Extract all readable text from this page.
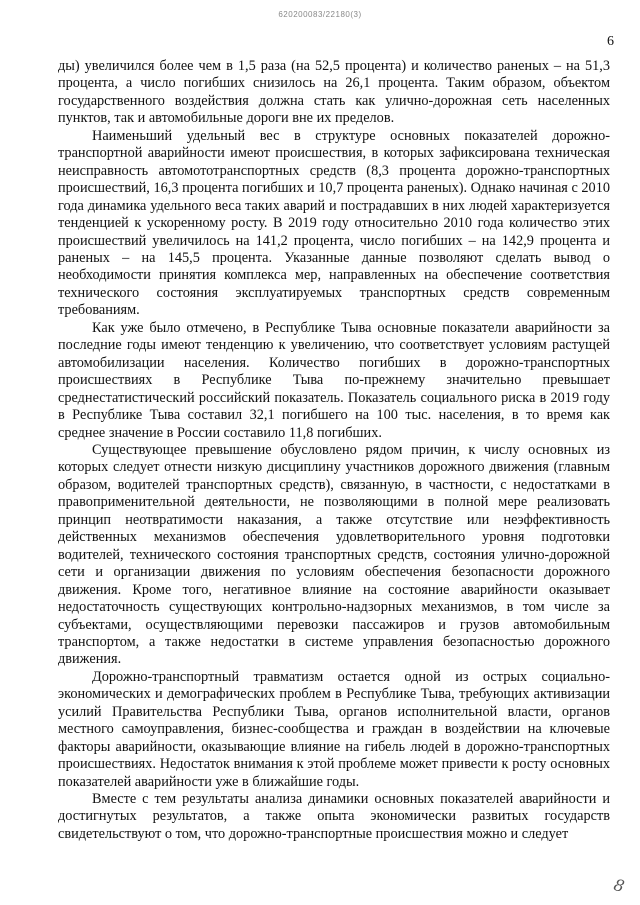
620200083/22180(3)
6

ды) увеличился более чем в 1,5 раза (на 52,5 процента) и количество раненых – на 51,3 процента, а число погибших снизилось на 26,1 процента. Таким образом, объектом государственного воздействия должна стать как улично-дорожная сеть населенных пунктов, так и автомобильные дороги вне их пределов.

Наименьший удельный вес в структуре основных показателей дорожно-транспортной аварийности имеют происшествия, в которых зафиксирована техническая неисправность автомототранспортных средств (8,3 процента дорожно-транспортных происшествий, 16,3 процента погибших и 10,7 процента раненых). Однако начиная с 2010 года динамика удельного веса таких аварий и пострадавших в них людей характеризуется тенденцией к ускоренному росту. В 2019 году относительно 2010 года количество этих происшествий увеличилось на 141,2 процента, число погибших – на 142,9 процента и раненых – на 145,5 процента. Указанные данные позволяют сделать вывод о необходимости принятия комплекса мер, направленных на обеспечение соответствия технического состояния эксплуатируемых транспортных средств современным требованиям.

Как уже было отмечено, в Республике Тыва основные показатели аварийности за последние годы имеют тенденцию к увеличению, что соответствует условиям растущей автомобилизации населения. Количество погибших в дорожно-транспортных происшествиях в Республике Тыва по-прежнему значительно превышает среднестатистический российский показатель. Показатель социального риска в 2019 году в Республике Тыва составил 32,1 погибшего на 100 тыс. населения, в то время как среднее значение в России составило 11,8 погибших.

Существующее превышение обусловлено рядом причин, к числу основных из которых следует отнести низкую дисциплину участников дорожного движения (главным образом, водителей транспортных средств), связанную, в частности, с недостатками в правоприменительной деятельности, не позволяющими в полной мере реализовать принцип неотвратимости наказания, а также отсутствие или неэффективность действенных механизмов обеспечения удовлетворительного уровня подготовки водителей, технического состояния транспортных средств, состояния улично-дорожной сети и организации движения по условиям обеспечения безопасности дорожного движения. Кроме того, негативное влияние на состояние аварийности оказывает недостаточность существующих контрольно-надзорных механизмов, в том числе за субъектами, осуществляющими перевозки пассажиров и грузов автомобильным транспортом, а также недостатки в системе управления безопасностью дорожного движения.

Дорожно-транспортный травматизм остается одной из острых социально-экономических и демографических проблем в Республике Тыва, требующих активизации усилий Правительства Республики Тыва, органов исполнительной власти, органов местного самоуправления, бизнес-сообщества и граждан в воздействии на ключевые факторы аварийности, оказывающие влияние на гибель людей в дорожно-транспортных происшествиях. Недостаток внимания к этой проблеме может привести к росту основных показателей аварийности уже в ближайшие годы.

Вместе с тем результаты анализа динамики основных показателей аварийности и достигнутых результатов, а также опыта экономически развитых государств свидетельствуют о том, что дорожно-транспортные происшествия можно и следует

8
